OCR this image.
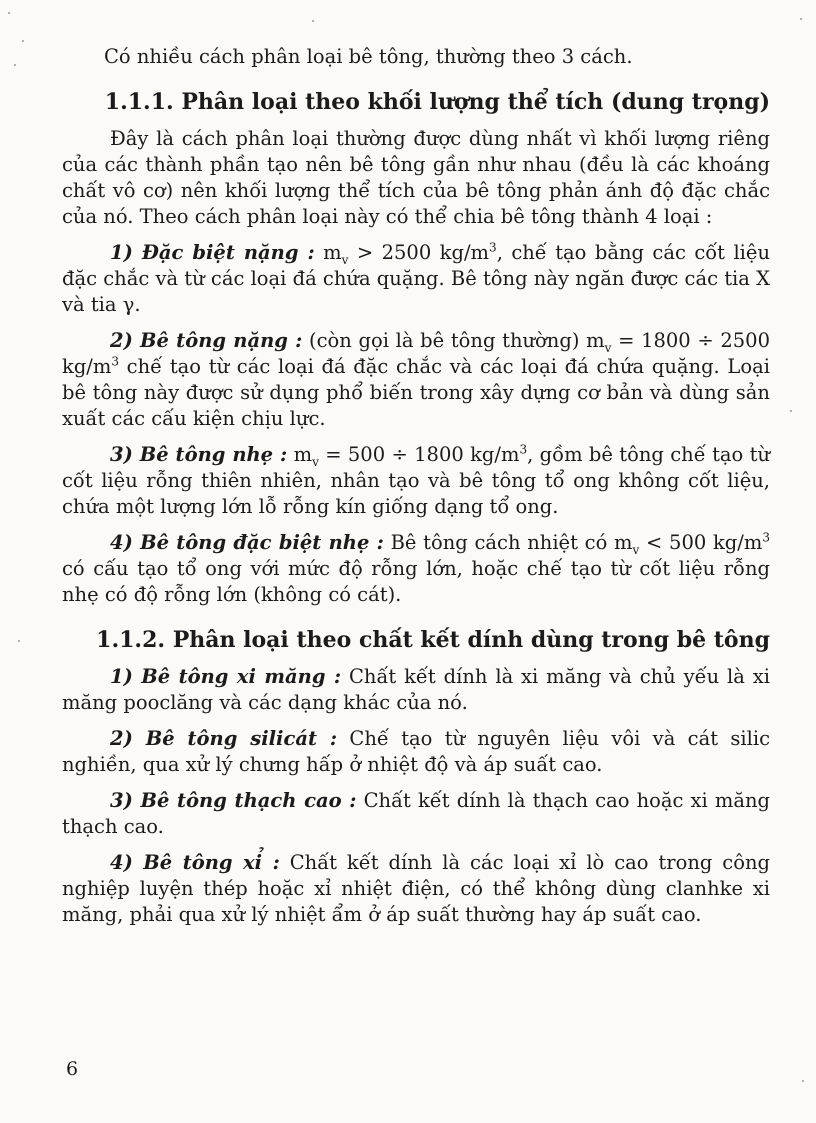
Có nhiều cách phân loại bê tông, thường theo 3 cách.

1.1.1. Phân loại theo khối lượng thể tích (dung trọng)

Đây là cách phân loại thường được dùng nhất vì khối lượng riêng của các thành phần tạo nên bê tông gần như nhau (đều là các khoáng chất vô cơ) nên khối lượng thể tích của bê tông phản ánh độ đặc chắc của nó. Theo cách phân loại này có thể chia bê tông thành 4 loại :

1) Đặc biệt nặng : $m_v > 2500$ $kg/m^3$, chế tạo bằng các cốt liệu đặc chắc và từ các loại đá chứa quặng. Bê tông này ngăn được các tia X và tia γ.

2) Bê tông nặng : (còn gọi là bê tông thường) $m_v = 1800 \div 2500$ $kg/m^3$ chế tạo từ các loại đá đặc chắc và các loại đá chứa quặng. Loại bê tông này được sử dụng phổ biến trong xây dựng cơ bản và dùng sản xuất các cấu kiện chịu lực.

3) Bê tông nhẹ : $m_v = 500 \div 1800$ $kg/m^3$, gồm bê tông chế tạo từ cốt liệu rỗng thiên nhiên, nhân tạo và bê tông tổ ong không cốt liệu, chứa một lượng lớn lỗ rỗng kín giống dạng tổ ong.

4) Bê tông đặc biệt nhẹ : Bê tông cách nhiệt có $m_v < 500$ $kg/m^3$ có cấu tạo tổ ong với mức độ rỗng lớn, hoặc chế tạo từ cốt liệu rỗng nhẹ có độ rỗng lớn (không có cát).

1.1.2. Phân loại theo chất kết dính dùng trong bê tông

1) Bê tông xi măng : Chất kết dính là xi măng và chủ yếu là xi măng pooclăng và các dạng khác của nó.

2) Bê tông silicát : Chế tạo từ nguyên liệu vôi và cát silic nghiền, qua xử lý chưng hấp ở nhiệt độ và áp suất cao.

3) Bê tông thạch cao : Chất kết dính là thạch cao hoặc xi măng thạch cao.

4) Bê tông xỉ : Chất kết dính là các loại xỉ lò cao trong công nghiệp luyện thép hoặc xỉ nhiệt điện, có thể không dùng clanhke xi măng, phải qua xử lý nhiệt ẩm ở áp suất thường hay áp suất cao.

6
